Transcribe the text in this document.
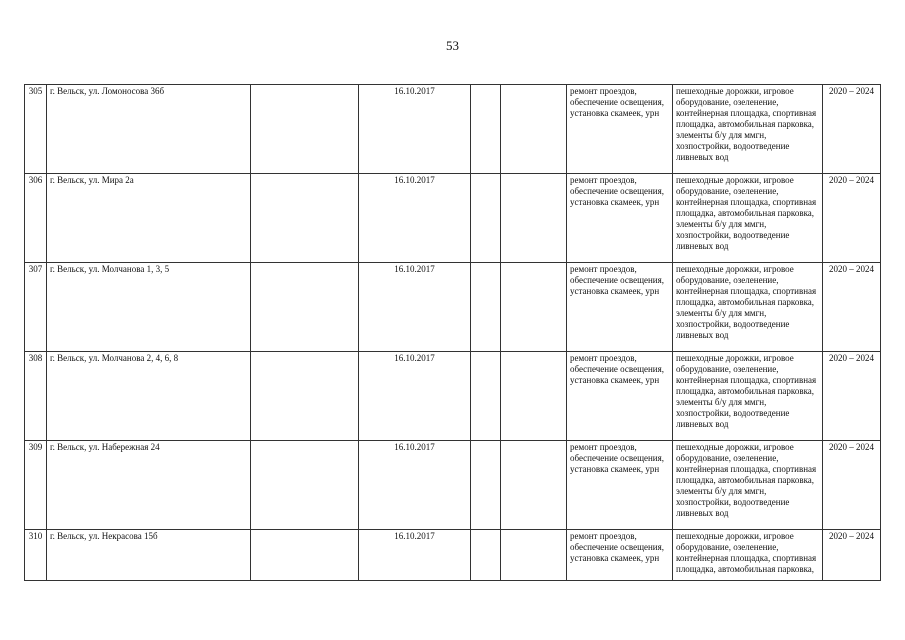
53
305	г. Вельск, ул. Ломоносова 36б		16.10.2017			ремонт проездов, обеспечение освещения, установка скамеек, урн	пешеходные дорожки, игровое оборудование, озеленение, контейнерная площадка, спортивная площадка, автомобильная парковка, элементы б/у для ммгн, хозпостройки, водоотведение ливневых вод	2020 – 2024
306	г. Вельск, ул. Мира 2а		16.10.2017			ремонт проездов, обеспечение освещения, установка скамеек, урн	пешеходные дорожки, игровое оборудование, озеленение, контейнерная площадка, спортивная площадка, автомобильная парковка, элементы б/у для ммгн, хозпостройки, водоотведение ливневых вод	2020 – 2024
307	г. Вельск, ул. Молчанова 1, 3, 5		16.10.2017			ремонт проездов, обеспечение освещения, установка скамеек, урн	пешеходные дорожки, игровое оборудование, озеленение, контейнерная площадка, спортивная площадка, автомобильная парковка, элементы б/у для ммгн, хозпостройки, водоотведение ливневых вод	2020 – 2024
308	г. Вельск, ул. Молчанова 2, 4, 6, 8		16.10.2017			ремонт проездов, обеспечение освещения, установка скамеек, урн	пешеходные дорожки, игровое оборудование, озеленение, контейнерная площадка, спортивная площадка, автомобильная парковка, элементы б/у для ммгн, хозпостройки, водоотведение ливневых вод	2020 – 2024
309	г. Вельск, ул. Набережная 24		16.10.2017			ремонт проездов, обеспечение освещения, установка скамеек, урн	пешеходные дорожки, игровое оборудование, озеленение, контейнерная площадка, спортивная площадка, автомобильная парковка, элементы б/у для ммгн, хозпостройки, водоотведение ливневых вод	2020 – 2024
310	г. Вельск, ул. Некрасова 15б		16.10.2017			ремонт проездов, обеспечение освещения, установка скамеек, урн	пешеходные дорожки, игровое оборудование, озеленение, контейнерная площадка, спортивная площадка, автомобильная парковка,	2020 – 2024
